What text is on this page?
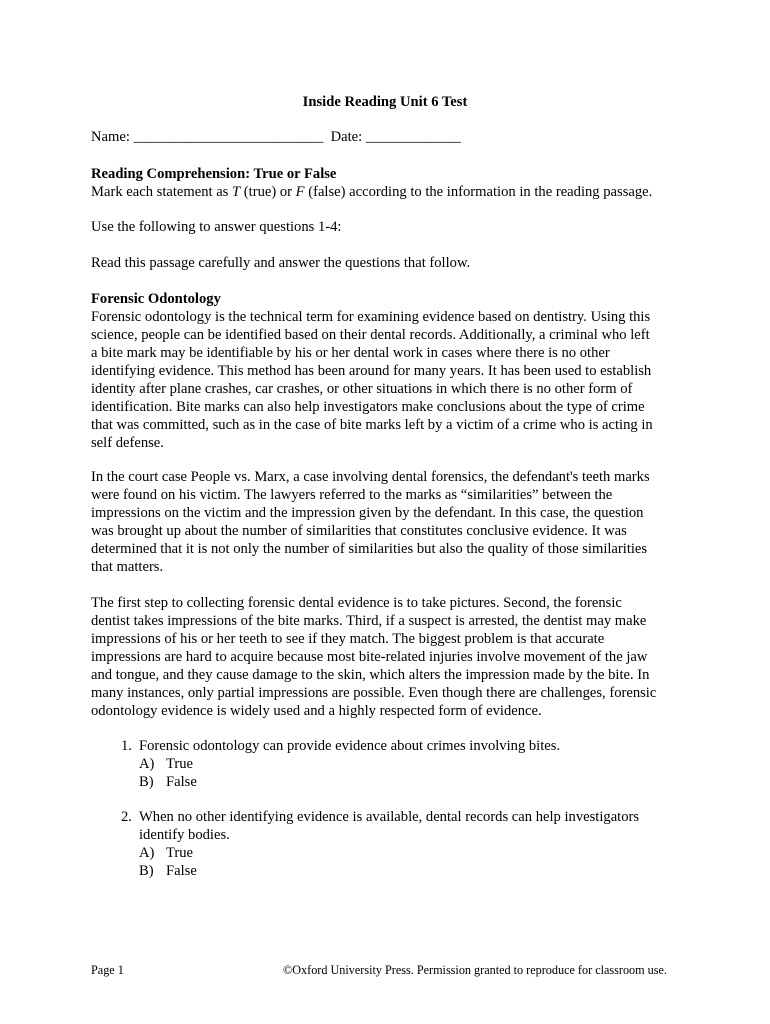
Inside Reading Unit 6 Test
Name: __________________________ Date: _____________
Reading Comprehension: True or False
Mark each statement as T (true) or F (false) according to the information in the reading passage.
Use the following to answer questions 1-4:
Read this passage carefully and answer the questions that follow.
Forensic Odontology
Forensic odontology is the technical term for examining evidence based on dentistry. Using this
science, people can be identified based on their dental records. Additionally, a criminal who left
a bite mark may be identifiable by his or her dental work in cases where there is no other
identifying evidence. This method has been around for many years. It has been used to establish
identity after plane crashes, car crashes, or other situations in which there is no other form of
identification. Bite marks can also help investigators make conclusions about the type of crime
that was committed, such as in the case of bite marks left by a victim of a crime who is acting in
self defense.
In the court case People vs. Marx, a case involving dental forensics, the defendant's teeth marks
were found on his victim. The lawyers referred to the marks as “similarities” between the
impressions on the victim and the impression given by the defendant. In this case, the question
was brought up about the number of similarities that constitutes conclusive evidence. It was
determined that it is not only the number of similarities but also the quality of those similarities
that matters.
The first step to collecting forensic dental evidence is to take pictures. Second, the forensic
dentist takes impressions of the bite marks. Third, if a suspect is arrested, the dentist may make
impressions of his or her teeth to see if they match. The biggest problem is that accurate
impressions are hard to acquire because most bite-related injuries involve movement of the jaw
and tongue, and they cause damage to the skin, which alters the impression made by the bite. In
many instances, only partial impressions are possible. Even though there are challenges, forensic
odontology evidence is widely used and a highly respected form of evidence.
1. Forensic odontology can provide evidence about crimes involving bites.
A) True
B) False
2. When no other identifying evidence is available, dental records can help investigators
identify bodies.
A) True
B) False
Page 1	©Oxford University Press. Permission granted to reproduce for classroom use.
